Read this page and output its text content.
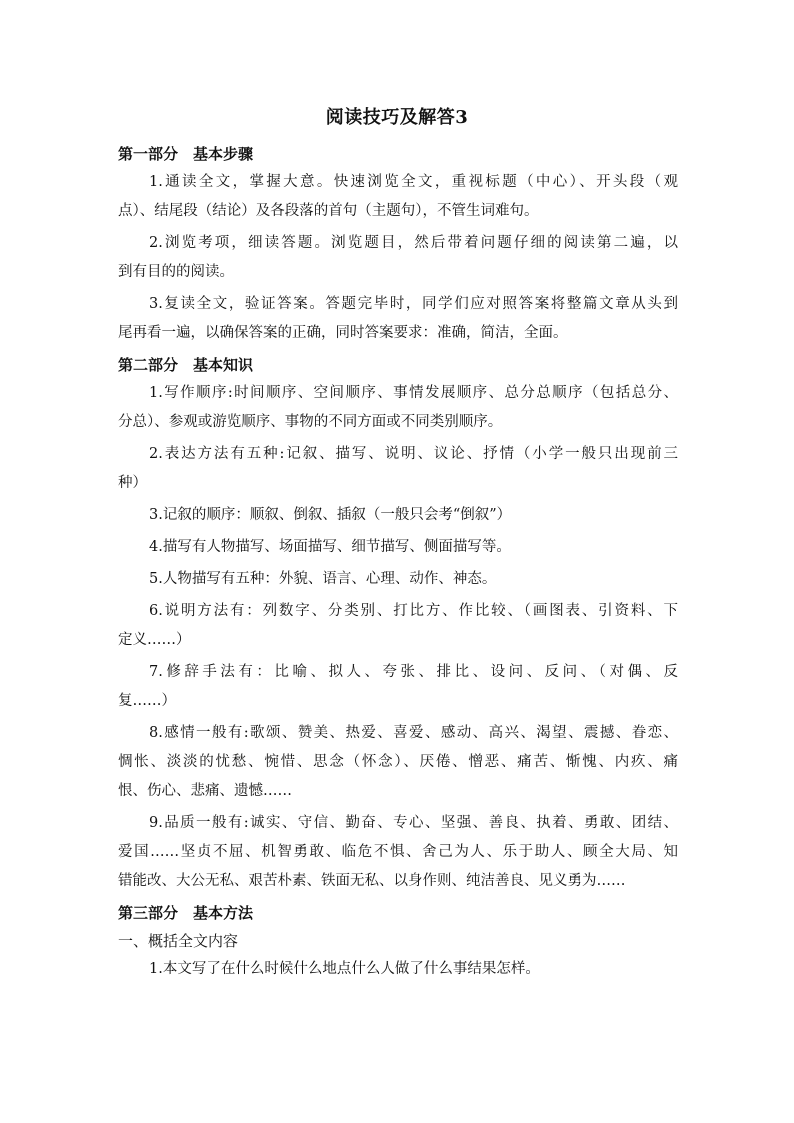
阅读技巧及解答3
第一部分　基本步骤
1.通读全文，掌握大意。快速浏览全文，重视标题（中心）、开头段（观
点）、结尾段（结论）及各段落的首句（主题句），不管生词难句。
2.浏览考项，细读答题。浏览题目，然后带着问题仔细的阅读第二遍，以
到有目的的阅读。
3.复读全文，验证答案。答题完毕时，同学们应对照答案将整篇文章从头到
尾再看一遍，以确保答案的正确，同时答案要求：准确，简洁，全面。
第二部分　基本知识
1.写作顺序:时间顺序、空间顺序、事情发展顺序、总分总顺序（包括总分、
分总）、参观或游览顺序、事物的不同方面或不同类别顺序。
2.表达方法有五种:记叙、描写、说明、议论、抒情（小学一般只出现前三
种）
3.记叙的顺序：顺叙、倒叙、插叙（一般只会考“倒叙”）
4.描写有人物描写、场面描写、细节描写、侧面描写等。
5.人物描写有五种：外貌、语言、心理、动作、神态。
6.说明方法有：列数字、分类别、打比方、作比较、（画图表、引资料、下
定义……）
7.修辞手法有：比喻、拟人、夸张、排比、设问、反问、（对偶、反
复……）
8.感情一般有:歌颂、赞美、热爱、喜爱、感动、高兴、渴望、震撼、眷恋、
惆怅、淡淡的忧愁、惋惜、思念（怀念）、厌倦、憎恶、痛苦、惭愧、内疚、痛
恨、伤心、悲痛、遗憾……
9.品质一般有:诚实、守信、勤奋、专心、坚强、善良、执着、勇敢、团结、
爱国……坚贞不屈、机智勇敢、临危不惧、舍己为人、乐于助人、顾全大局、知
错能改、大公无私、艰苦朴素、铁面无私、以身作则、纯洁善良、见义勇为……
第三部分　基本方法
一、概括全文内容
1.本文写了在什么时候什么地点什么人做了什么事结果怎样。
